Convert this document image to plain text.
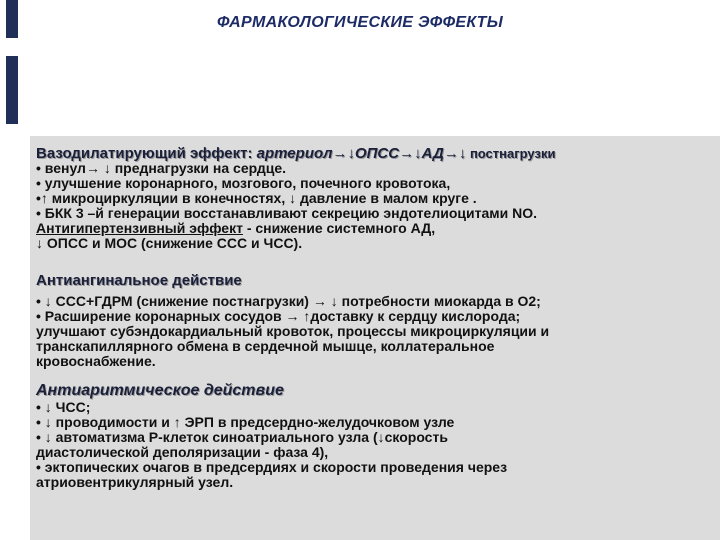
ФАРМАКОЛОГИЧЕСКИЕ ЭФФЕКТЫ
Вазодилатирующий эффект: артериол→↓ОПСС→↓АД→↓ постнагрузки
• венул→ ↓ преднагрузки на сердце.
• улучшение коронарного, мозгового, почечного кровотока,
•↑ микроциркуляции в конечностях, ↓ давление в малом круге .
• БКК 3 –й генерации восстанавливают секрецию эндотелиоцитами NO.
Антигипертензивный эффект - снижение системного АД,
↓ ОПСС и МОС (снижение ССС и ЧСС).
Антиангинальное действие
• ↓ ССС+ГДРМ (снижение постнагрузки) → ↓ потребности миокарда в О2;
• Расширение коронарных сосудов → ↑доставку к сердцу кислорода;
улучшают субэндокардиальный кровоток, процессы микроциркуляции и
транскапиллярного обмена в сердечной мышце, коллатеральное
кровоснабжение.
Антиаритмическое действие
• ↓ ЧСС;
• ↓ проводимости и ↑ ЭРП в предсердно-желудочковом узле
• ↓ автоматизма Р-клеток синоатриального узла (↓скорость
диастолической деполяризации - фаза 4),
• эктопических очагов в предсердиях и скорости проведения через
атриовентрикулярный узел.
